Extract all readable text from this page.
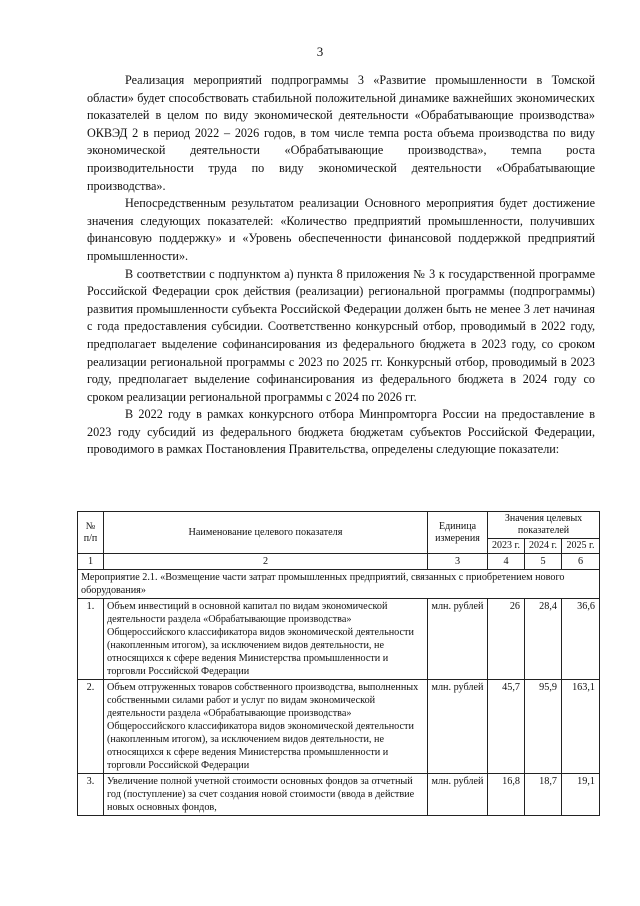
3

Реализация мероприятий подпрограммы 3 «Развитие промышленности в Томской области» будет способствовать стабильной положительной динамике важнейших экономических показателей в целом по виду экономической деятельности «Обрабатывающие производства» ОКВЭД 2 в период 2022 – 2026 годов, в том числе темпа роста объема производства по виду экономической деятельности «Обрабатывающие производства», темпа роста производительности труда по виду экономической деятельности «Обрабатывающие производства».

Непосредственным результатом реализации Основного мероприятия будет достижение значения следующих показателей: «Количество предприятий промышленности, получивших финансовую поддержку» и «Уровень обеспеченности финансовой поддержкой предприятий промышленности».

В соответствии с подпунктом а) пункта 8 приложения № 3 к государственной программе Российской Федерации срок действия (реализации) региональной программы (подпрограммы) развития промышленности субъекта Российской Федерации должен быть не менее 3 лет начиная с года предоставления субсидии. Соответственно конкурсный отбор, проводимый в 2022 году, предполагает выделение софинансирования из федерального бюджета в 2023 году, со сроком реализации региональной программы с 2023 по 2025 гг. Конкурсный отбор, проводимый в 2023 году, предполагает выделение софинансирования из федерального бюджета в 2024 году со сроком реализации региональной программы с 2024 по 2026 гг.

В 2022 году в рамках конкурсного отбора Минпромторга России на предоставление в 2023 году субсидий из федерального бюджета бюджетам субъектов Российской Федерации, проводимого в рамках Постановления Правительства, определены следующие показатели:

№ п/п	Наименование целевого показателя	Единица измерения	Значения целевых показателей		
			2023 г.	2024 г.	2025 г.
1	2	3	4	5	6
Мероприятие 2.1. «Возмещение части затрат промышленных предприятий, связанных с приобретением нового оборудования»					
1.	Объем инвестиций в основной капитал по видам экономической деятельности раздела «Обрабатывающие производства» Общероссийского классификатора видов экономической деятельности (накопленным итогом), за исключением видов деятельности, не относящихся к сфере ведения Министерства промышленности и торговли Российской Федерации	млн. рублей	26	28,4	36,6
2.	Объем отгруженных товаров собственного производства, выполненных собственными силами работ и услуг по видам экономической деятельности раздела «Обрабатывающие производства» Общероссийского классификатора видов экономической деятельности (накопленным итогом), за исключением видов деятельности, не относящихся к сфере ведения Министерства промышленности и торговли Российской Федерации	млн. рублей	45,7	95,9	163,1
3.	Увеличение полной учетной стоимости основных фондов за отчетный год (поступление) за счет создания новой стоимости (ввода в действие новых основных фондов,	млн. рублей	16,8	18,7	19,1
